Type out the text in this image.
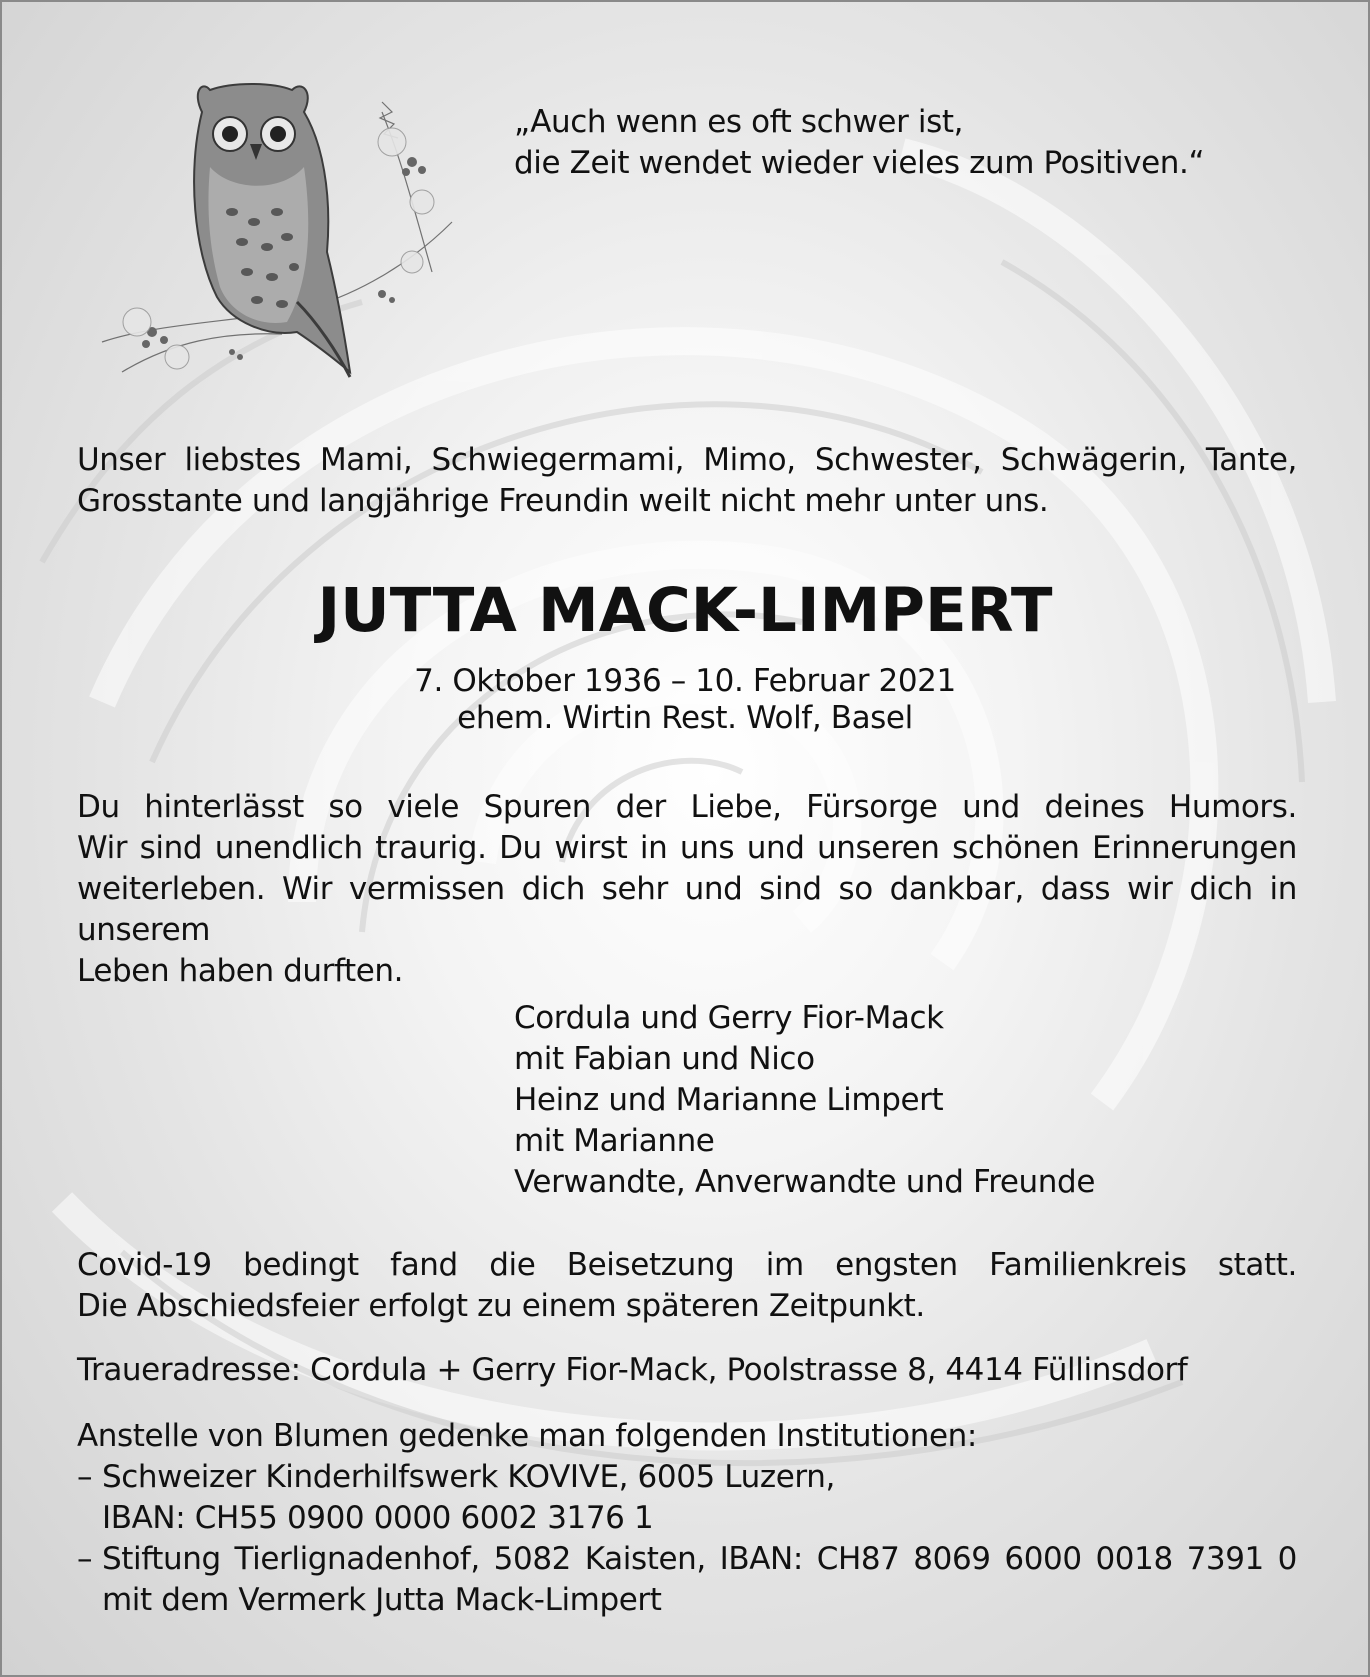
„Auch wenn es oft schwer ist,
die Zeit wendet wieder vieles zum Positiven.“
Unser liebstes Mami, Schwiegermami, Mimo, Schwester, Schwägerin, Tante,
Grosstante und langjährige Freundin weilt nicht mehr unter uns.
JUTTA MACK-LIMPERT
7. Oktober 1936 – 10. Februar 2021
ehem. Wirtin Rest. Wolf, Basel
Du hinterlässt so viele Spuren der Liebe, Fürsorge und deines Humors.
Wir sind unendlich traurig. Du wirst in uns und unseren schönen Erinnerungen
weiterleben. Wir vermissen dich sehr und sind so dankbar, dass wir dich in unserem
Leben haben durften.
Cordula und Gerry Fior-Mack
mit Fabian und Nico
Heinz und Marianne Limpert
mit Marianne
Verwandte, Anverwandte und Freunde
Covid-19 bedingt fand die Beisetzung im engsten Familienkreis statt.
Die Abschiedsfeier erfolgt zu einem späteren Zeitpunkt.
Traueradresse: Cordula + Gerry Fior-Mack, Poolstrasse 8, 4414 Füllinsdorf
Anstelle von Blumen gedenke man folgenden Institutionen:
– Schweizer Kinderhilfswerk KOVIVE, 6005 Luzern,
IBAN: CH55 0900 0000 6002 3176 1
– Stiftung Tierlignadenhof, 5082 Kaisten, IBAN: CH87 8069 6000 0018 7391 0
mit dem Vermerk Jutta Mack-Limpert
